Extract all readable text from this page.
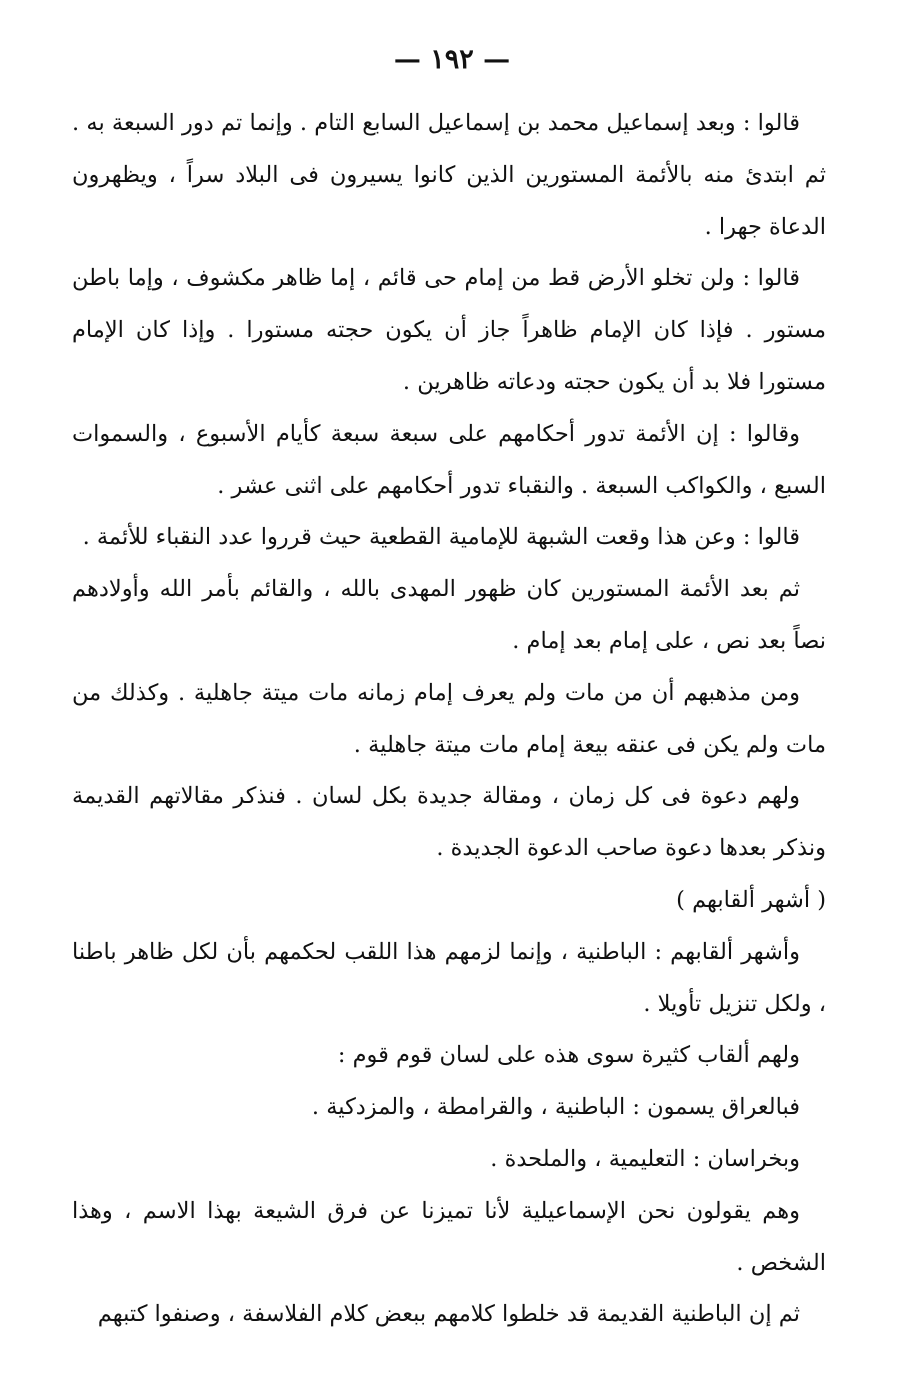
— ١٩٢ —

قالوا : وبعد إسماعيل محمد بن إسماعيل السابع التام . وإنما تم دور السبعة به . ثم ابتدئ منه بالأئمة المستورين الذين كانوا يسيرون فى البلاد سراً ، ويظهرون الدعاة جهرا .

قالوا : ولن تخلو الأرض قط من إمام حى قائم ، إما ظاهر مكشوف ، وإما باطن مستور . فإذا كان الإمام ظاهراً جاز أن يكون حجته مستورا . وإذا كان الإمام مستورا فلا بد أن يكون حجته ودعاته ظاهرين .

وقالوا : إن الأئمة تدور أحكامهم على سبعة سبعة كأيام الأسبوع ، والسموات السبع ، والكواكب السبعة . والنقباء تدور أحكامهم على اثنى عشر .

قالوا : وعن هذا وقعت الشبهة للإمامية القطعية حيث قرروا عدد النقباء للأئمة .

ثم بعد الأئمة المستورين كان ظهور المهدى بالله ، والقائم بأمر الله وأولادهم نصاً بعد نص ، على إمام بعد إمام .

ومن مذهبهم أن من مات ولم يعرف إمام زمانه مات ميتة جاهلية . وكذلك من مات ولم يكن فى عنقه بيعة إمام مات ميتة جاهلية .

ولهم دعوة فى كل زمان ، ومقالة جديدة بكل لسان . فنذكر مقالاتهم القديمة ونذكر بعدها دعوة صاحب الدعوة الجديدة .

( أشهر ألقابهم )

وأشهر ألقابهم : الباطنية ، وإنما لزمهم هذا اللقب لحكمهم بأن لكل ظاهر باطنا ، ولكل تنزيل تأويلا .

ولهم ألقاب كثيرة سوى هذه على لسان قوم قوم :

فبالعراق يسمون : الباطنية ، والقرامطة ، والمزدكية .

وبخراسان : التعليمية ، والملحدة .

وهم يقولون نحن الإسماعيلية لأنا تميزنا عن فرق الشيعة بهذا الاسم ، وهذا الشخص .

ثم إن الباطنية القديمة قد خلطوا كلامهم ببعض كلام الفلاسفة ، وصنفوا كتبهم
